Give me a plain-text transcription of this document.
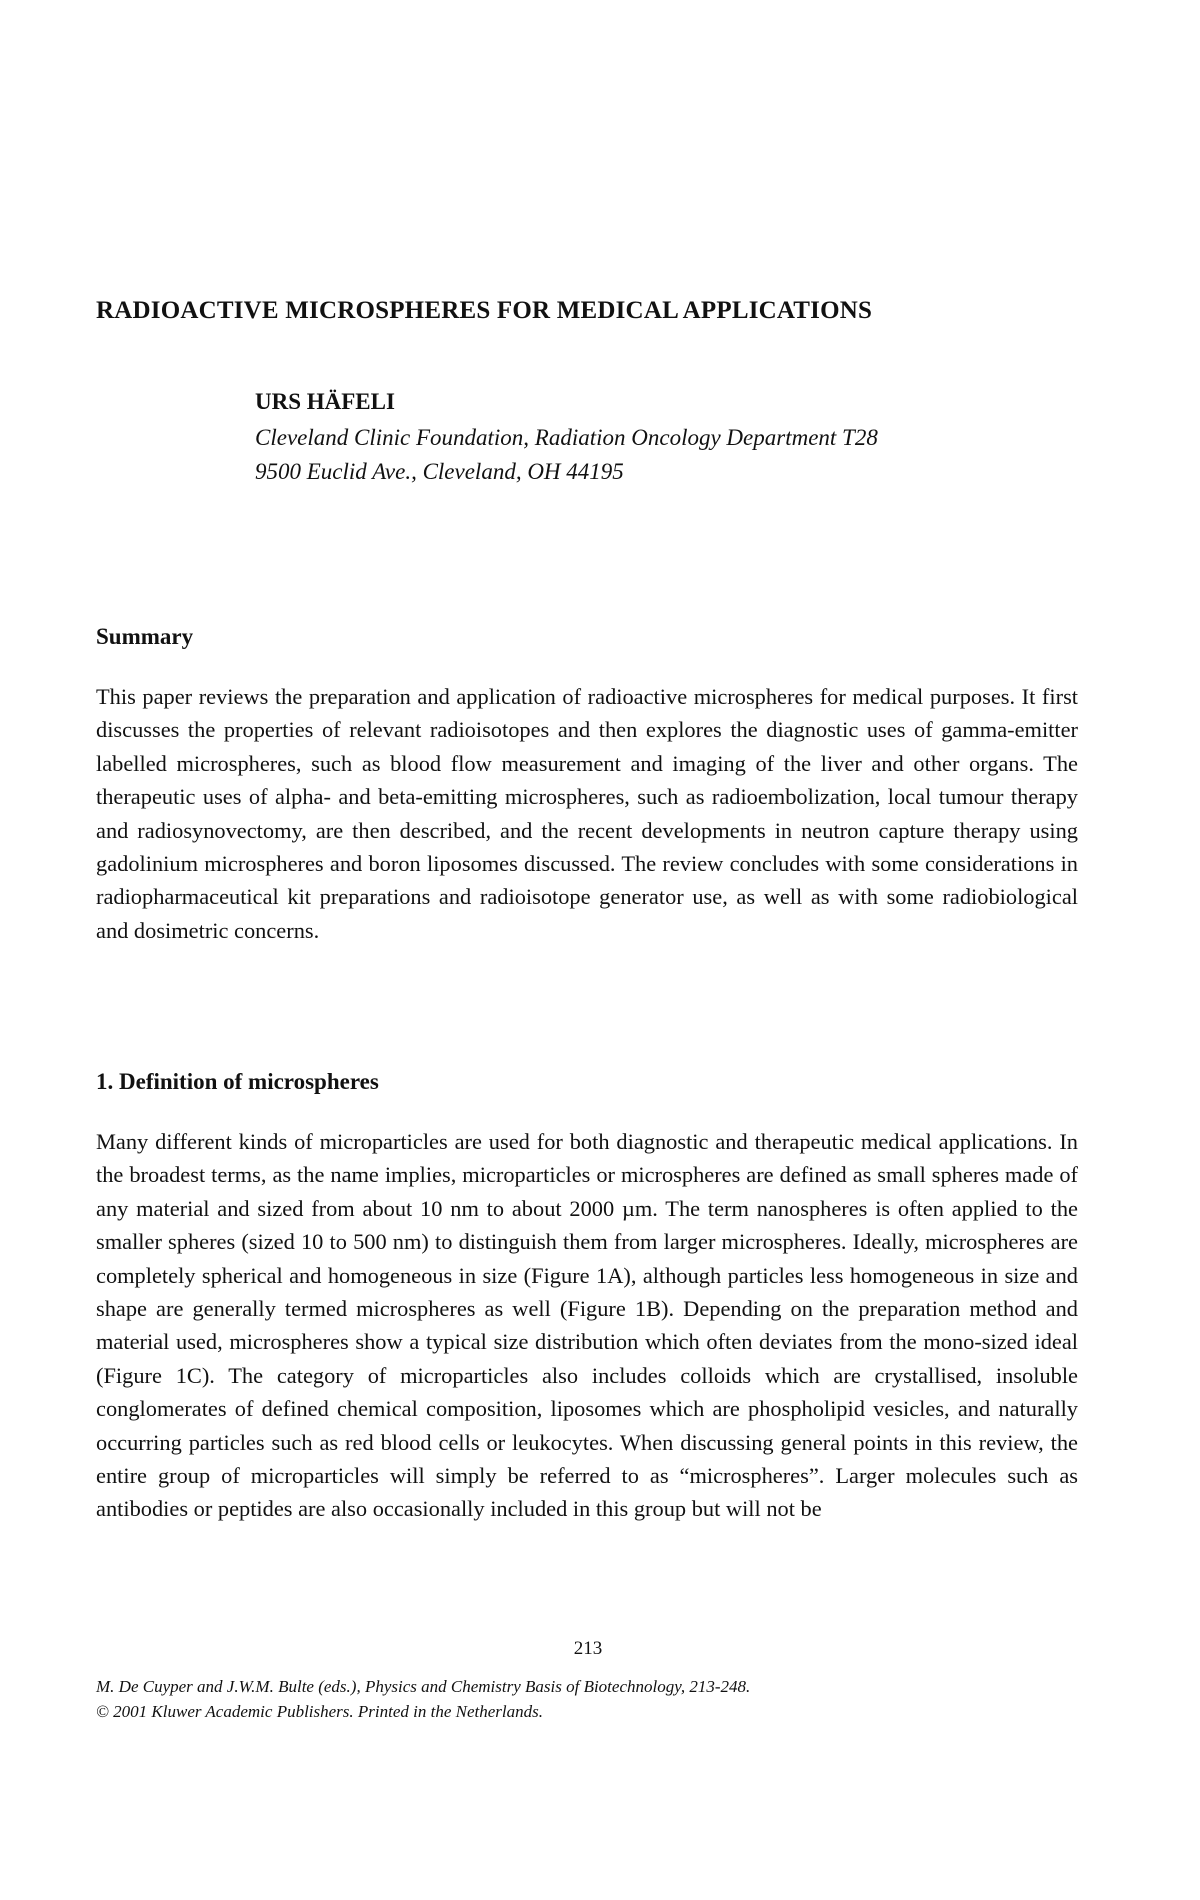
RADIOACTIVE MICROSPHERES FOR MEDICAL APPLICATIONS

URS HÄFELI

Cleveland Clinic Foundation, Radiation Oncology Department T28

9500 Euclid Ave., Cleveland, OH 44195

Summary

This paper reviews the preparation and application of radioactive microspheres for medical purposes. It first discusses the properties of relevant radioisotopes and then explores the diagnostic uses of gamma-emitter labelled microspheres, such as blood flow measurement and imaging of the liver and other organs. The therapeutic uses of alpha- and beta-emitting microspheres, such as radioembolization, local tumour therapy and radiosynovectomy, are then described, and the recent developments in neutron capture therapy using gadolinium microspheres and boron liposomes discussed. The review concludes with some considerations in radiopharmaceutical kit preparations and radioisotope generator use, as well as with some radiobiological and dosimetric concerns.

1. Definition of microspheres

Many different kinds of microparticles are used for both diagnostic and therapeutic medical applications. In the broadest terms, as the name implies, microparticles or microspheres are defined as small spheres made of any material and sized from about 10 nm to about 2000 µm. The term nanospheres is often applied to the smaller spheres (sized 10 to 500 nm) to distinguish them from larger microspheres. Ideally, microspheres are completely spherical and homogeneous in size (Figure 1A), although particles less homogeneous in size and shape are generally termed microspheres as well (Figure 1B). Depending on the preparation method and material used, microspheres show a typical size distribution which often deviates from the mono-sized ideal (Figure 1C). The category of microparticles also includes colloids which are crystallised, insoluble conglomerates of defined chemical composition, liposomes which are phospholipid vesicles, and naturally occurring particles such as red blood cells or leukocytes. When discussing general points in this review, the entire group of microparticles will simply be referred to as “microspheres”. Larger molecules such as antibodies or peptides are also occasionally included in this group but will not be

213

M. De Cuyper and J.W.M. Bulte (eds.), Physics and Chemistry Basis of Biotechnology, 213-248.

© 2001 Kluwer Academic Publishers. Printed in the Netherlands.
